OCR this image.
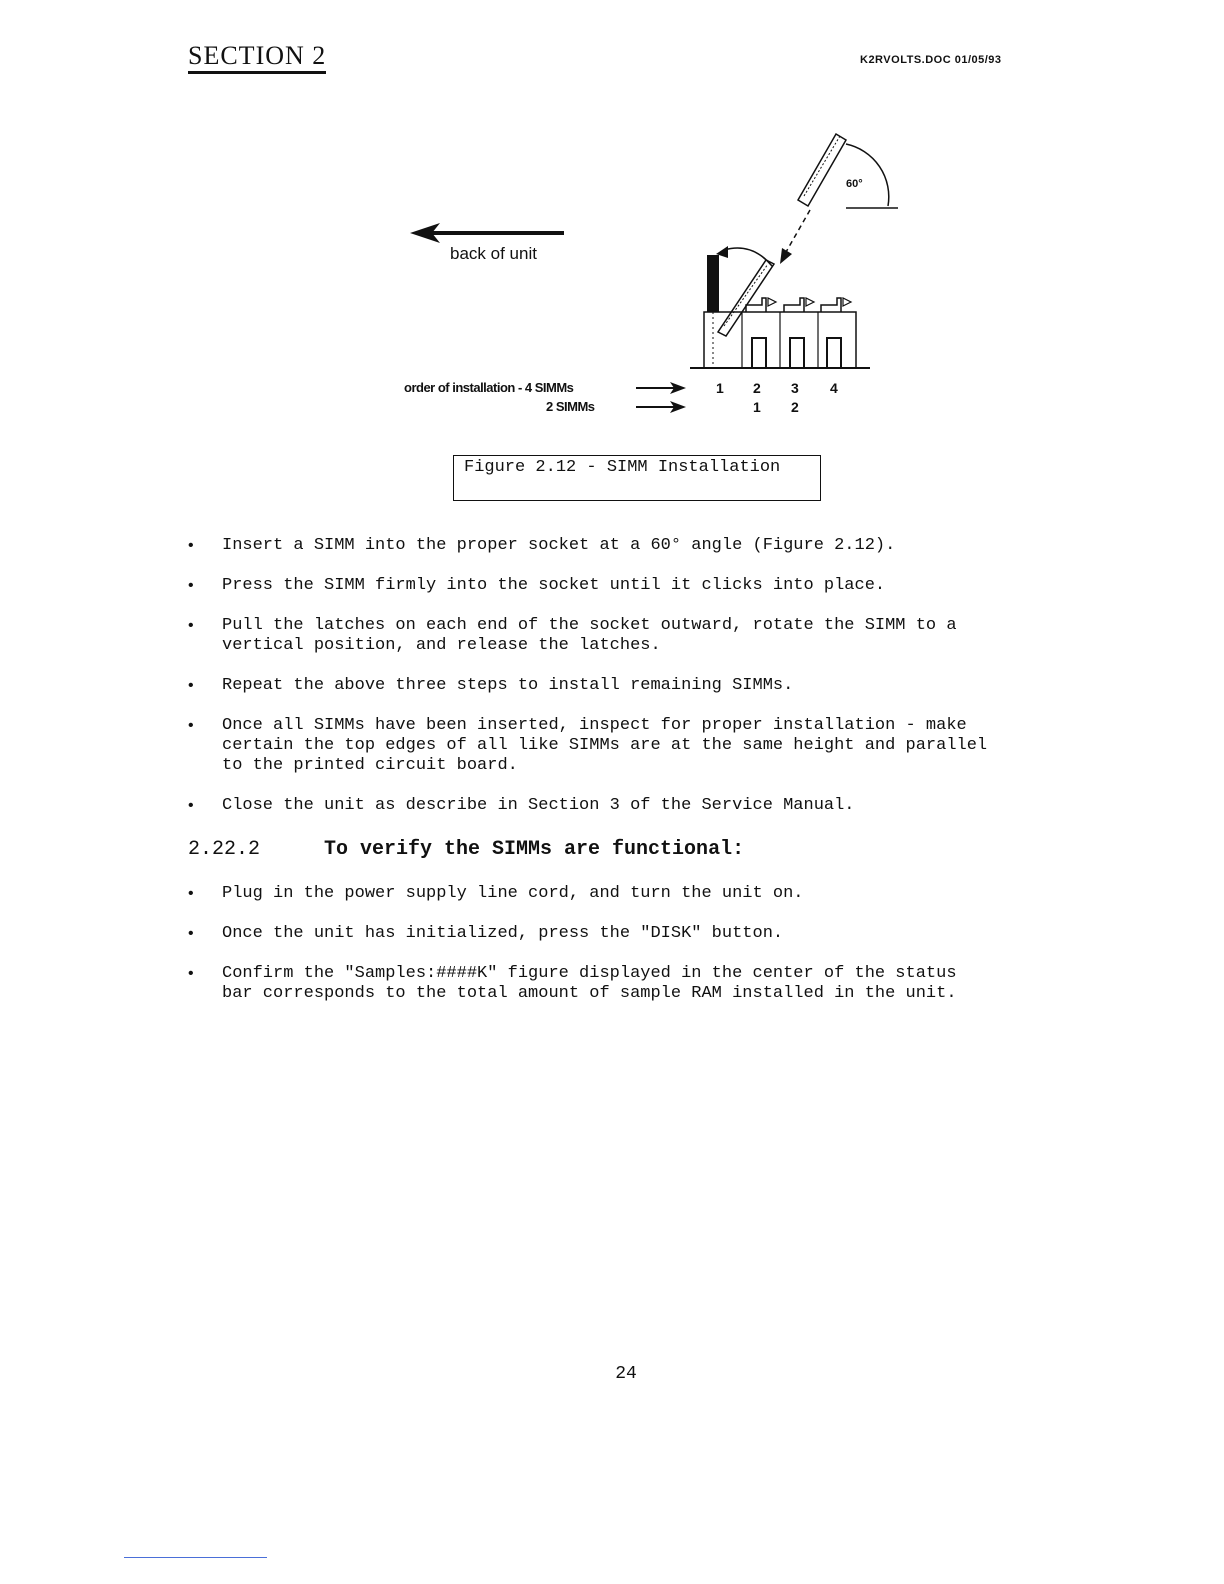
SECTION 2	K2RVOLTS.DOC 01/05/93
back of unit
60°
order of installation - 4 SIMMs
2 SIMMs
1 2 3 4
1 2
Figure 2.12 - SIMM Installation
• Insert a SIMM into the proper socket at a 60° angle (Figure 2.12).
• Press the SIMM firmly into the socket until it clicks into place.
• Pull the latches on each end of the socket outward, rotate the SIMM to a
vertical position, and release the latches.
• Repeat the above three steps to install remaining SIMMs.
• Once all SIMMs have been inserted, inspect for proper installation - make
certain the top edges of all like SIMMs are at the same height and parallel
to the printed circuit board.
• Close the unit as describe in Section 3 of the Service Manual.
2.22.2	To verify the SIMMs are functional:
• Plug in the power supply line cord, and turn the unit on.
• Once the unit has initialized, press the "DISK" button.
• Confirm the "Samples:####K" figure displayed in the center of the status
bar corresponds to the total amount of sample RAM installed in the unit.
24
